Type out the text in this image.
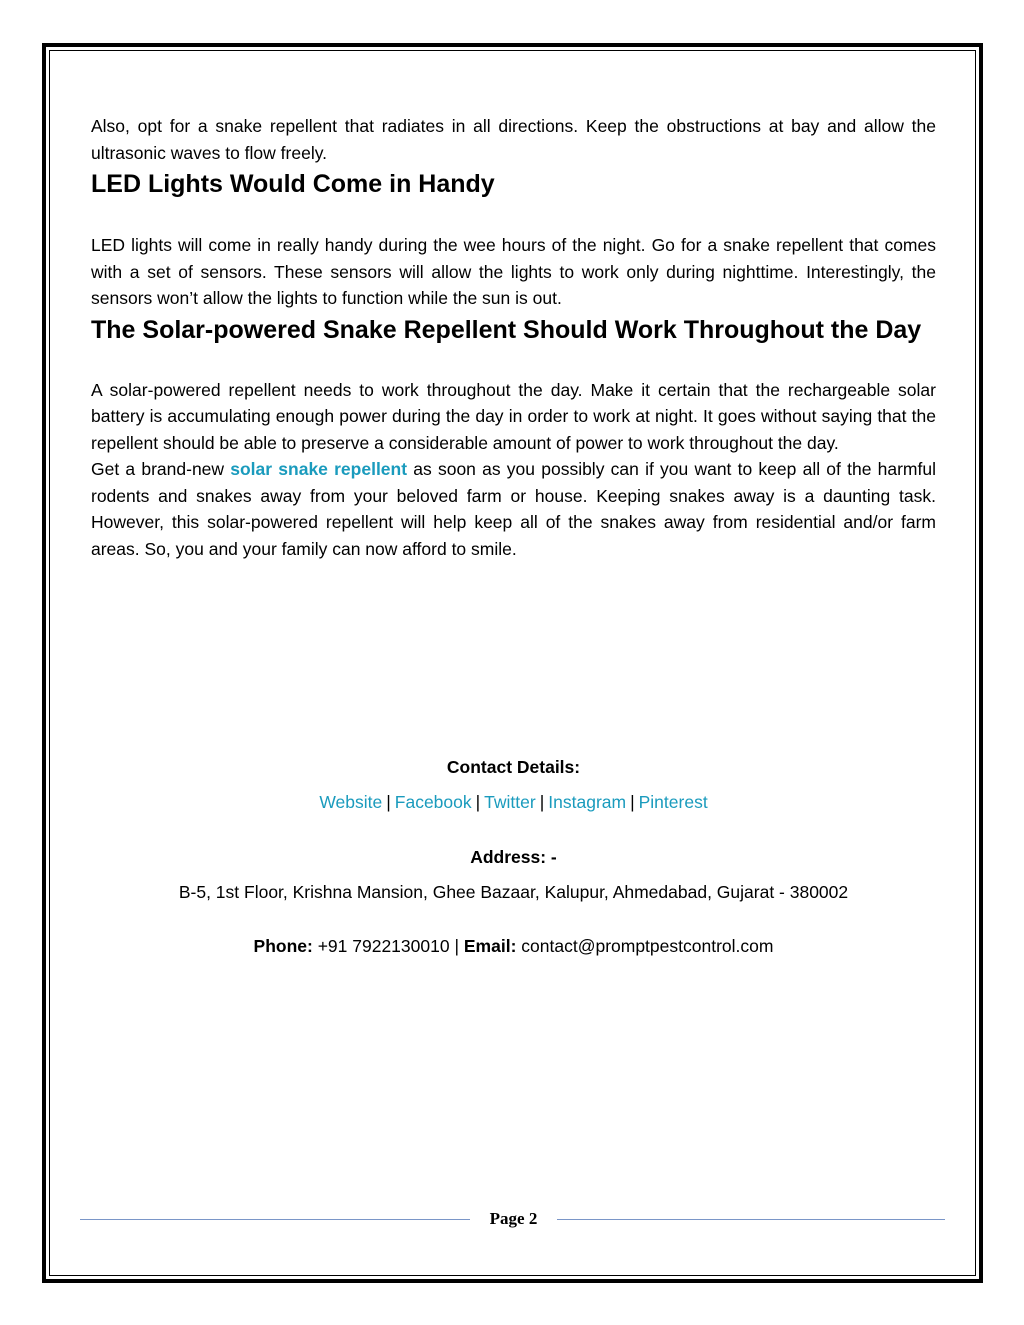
Also, opt for a snake repellent that radiates in all directions. Keep the obstructions at bay and allow the ultrasonic waves to flow freely.

LED Lights Would Come in Handy

LED lights will come in really handy during the wee hours of the night. Go for a snake repellent that comes with a set of sensors. These sensors will allow the lights to work only during nighttime. Interestingly, the sensors won’t allow the lights to function while the sun is out.

The Solar-powered Snake Repellent Should Work Throughout the Day

A solar-powered repellent needs to work throughout the day. Make it certain that the rechargeable solar battery is accumulating enough power during the day in order to work at night. It goes without saying that the repellent should be able to preserve a considerable amount of power to work throughout the day.

Get a brand-new solar snake repellent as soon as you possibly can if you want to keep all of the harmful rodents and snakes away from your beloved farm or house. Keeping snakes away is a daunting task. However, this solar-powered repellent will help keep all of the snakes away from residential and/or farm areas. So, you and your family can now afford to smile.

Contact Details:
Website | Facebook | Twitter | Instagram | Pinterest
Address: -
B-5, 1st Floor, Krishna Mansion, Ghee Bazaar, Kalupur, Ahmedabad, Gujarat - 380002
Phone: +91 7922130010 | Email: contact@promptpestcontrol.com
Page 2
